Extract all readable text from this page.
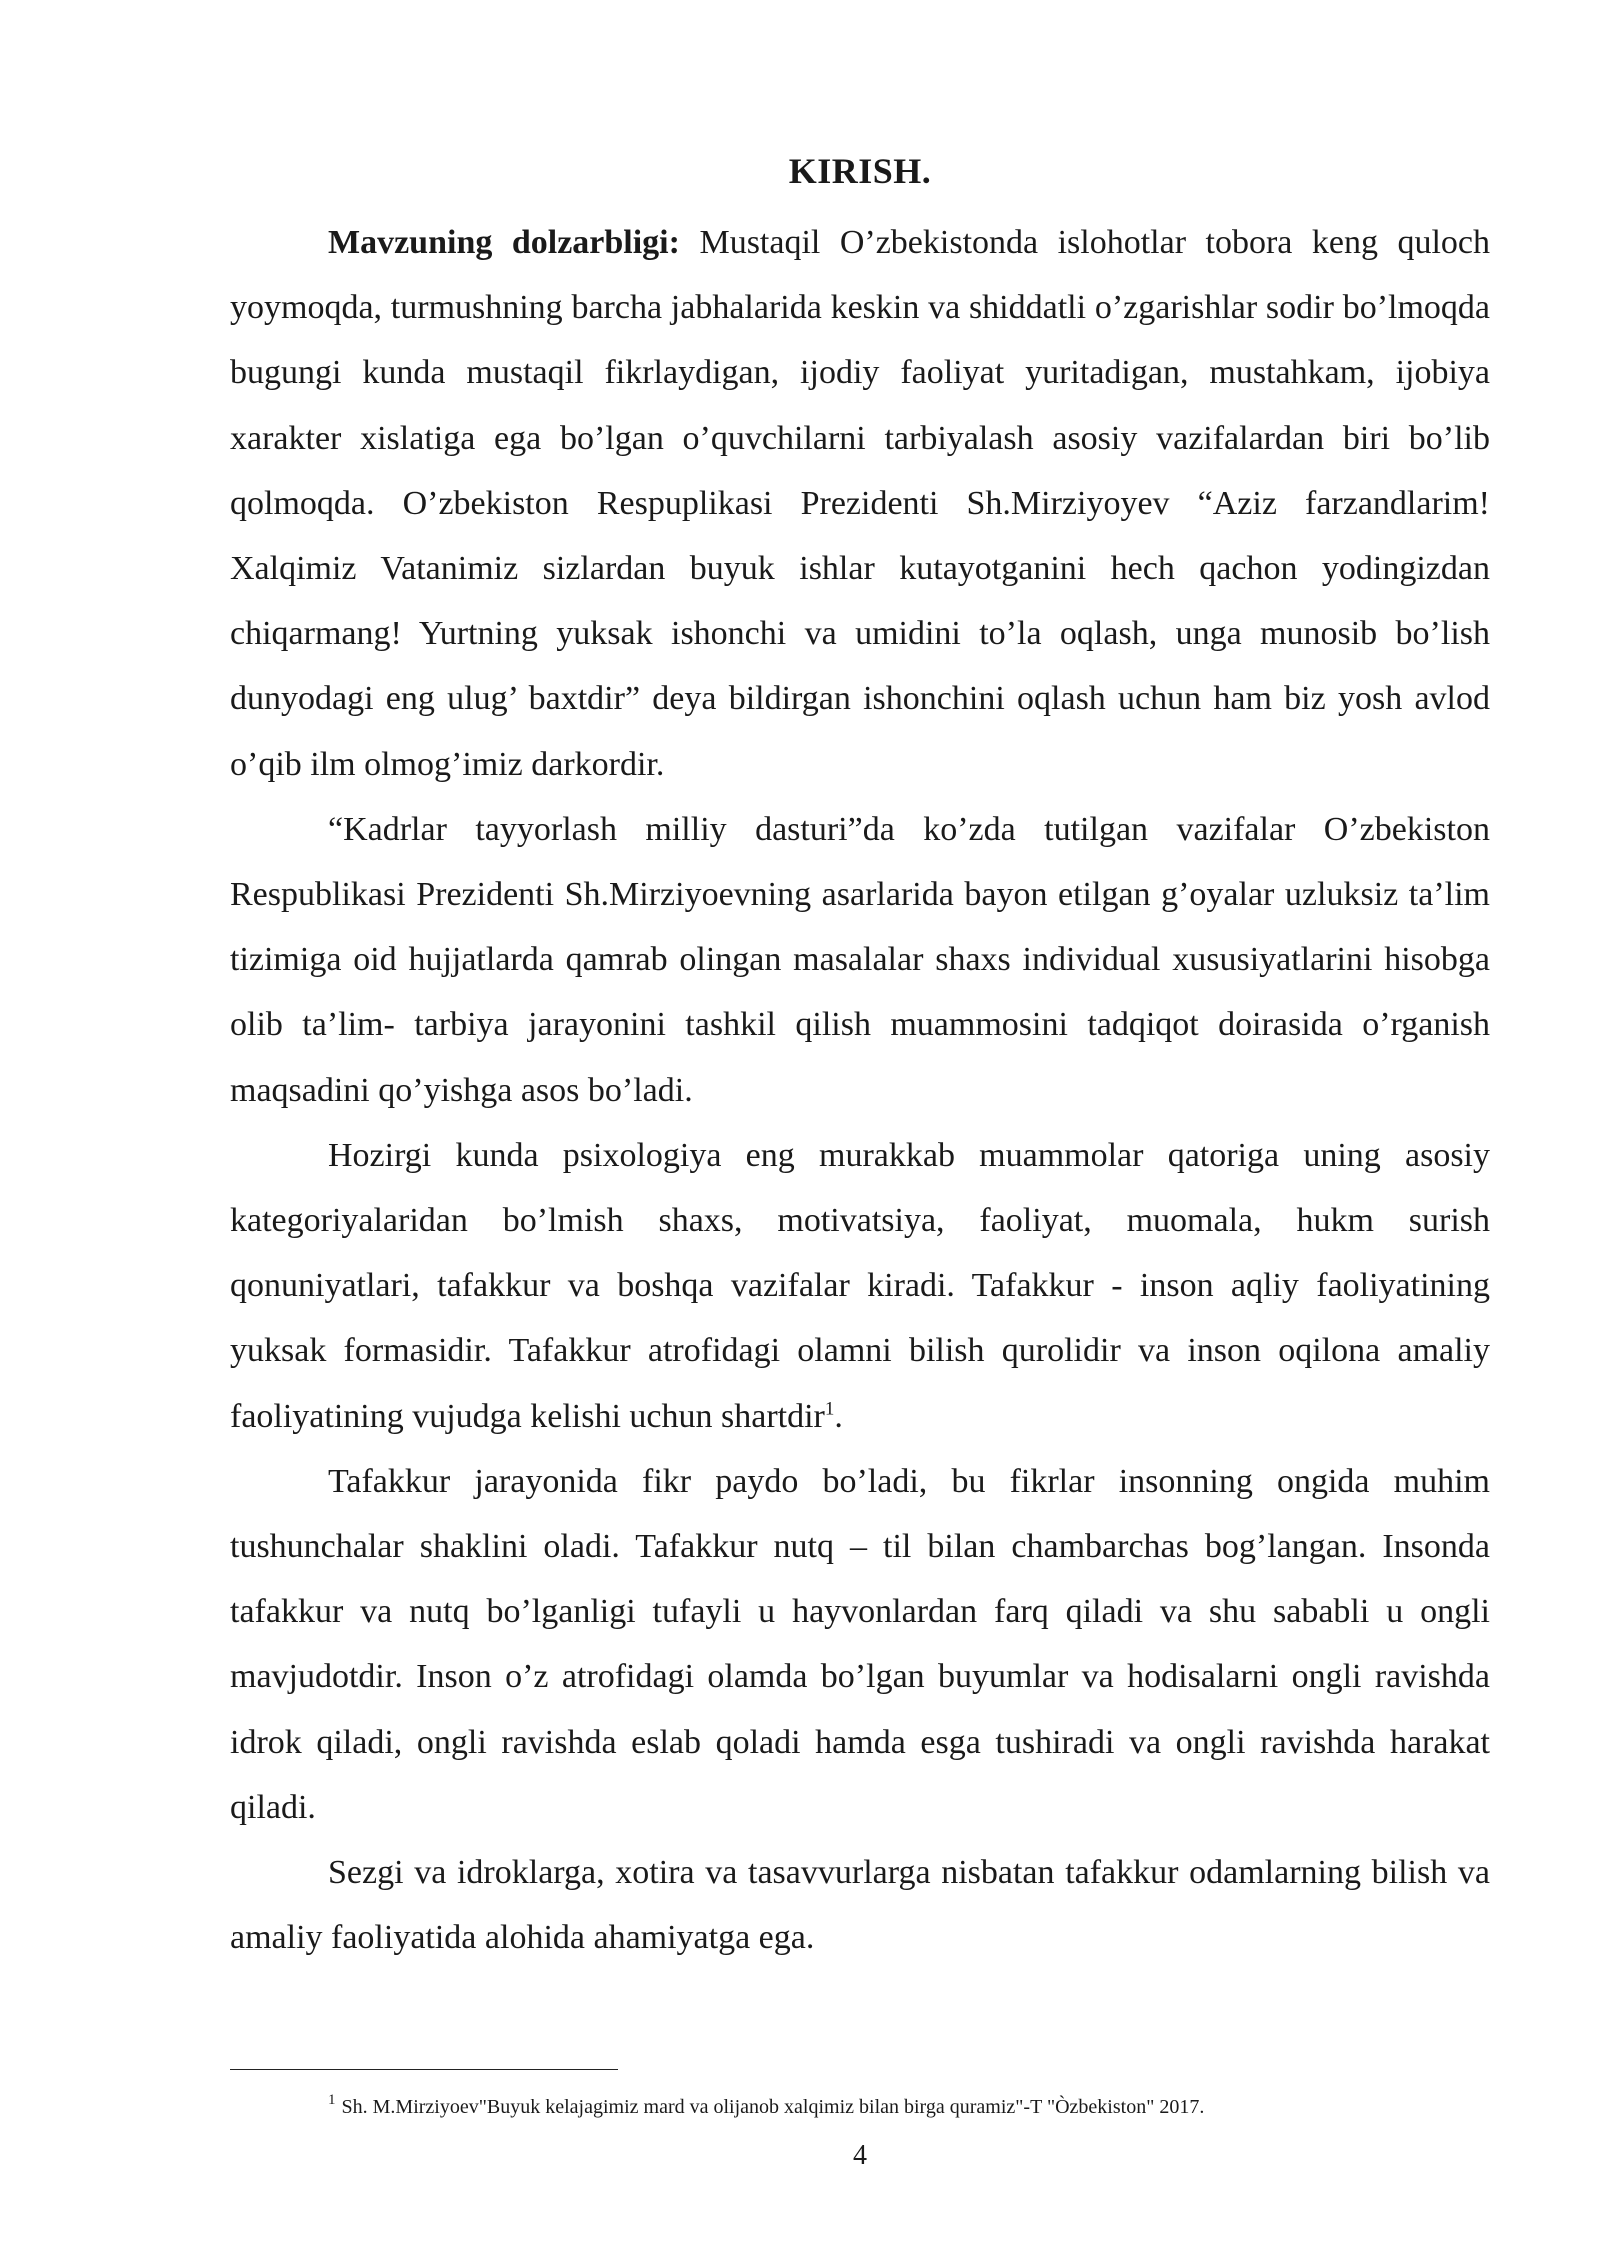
KIRISH.

Mavzuning dolzarbligi: Mustaqil O’zbekistonda islohotlar tobora keng quloch yoymoqda, turmushning barcha jabhalarida keskin va shiddatli o’zgarishlar sodir bo’lmoqda bugungi kunda mustaqil fikrlaydigan, ijodiy faoliyat yuritadigan, mustahkam, ijobiya xarakter xislatiga ega bo’lgan o’quvchilarni tarbiyalash asosiy vazifalardan biri bo’lib qolmoqda. O’zbekiston Respuplikasi Prezidenti Sh.Mirziyoyev “Aziz farzandlarim! Xalqimiz Vatanimiz sizlardan buyuk ishlar kutayotganini hech qachon yodingizdan chiqarmang! Yurtning yuksak ishonchi va umidini to’la oqlash, unga munosib bo’lish dunyodagi eng ulug’ baxtdir” deya bildirgan ishonchini oqlash uchun ham biz yosh avlod o’qib ilm olmog’imiz darkordir.

“Kadrlar tayyorlash milliy dasturi”da ko’zda tutilgan vazifalar O’zbekiston Respublikasi Prezidenti Sh.Mirziyoevning asarlarida bayon etilgan g’oyalar uzluksiz ta’lim tizimiga oid hujjatlarda qamrab olingan masalalar shaxs individual xususiyatlarini hisobga olib ta’lim- tarbiya jarayonini tashkil qilish muammosini tadqiqot doirasida o’rganish maqsadini qo’yishga asos bo’ladi.

Hozirgi kunda psixologiya eng murakkab muammolar qatoriga uning asosiy kategoriyalaridan bo’lmish shaxs, motivatsiya, faoliyat, muomala, hukm surish qonuniyatlari, tafakkur va boshqa vazifalar kiradi. Tafakkur - inson aqliy faoliyatining yuksak formasidir. Tafakkur atrofidagi olamni bilish qurolidir va inson oqilona amaliy faoliyatining vujudga kelishi uchun shartdir$^1$.

Tafakkur jarayonida fikr paydo bo’ladi, bu fikrlar insonning ongida muhim tushunchalar shaklini oladi. Tafakkur nutq – til bilan chambarchas bog’langan. Insonda tafakkur va nutq bo’lganligi tufayli u hayvonlardan farq qiladi va shu sababli u ongli mavjudotdir. Inson o’z atrofidagi olamda bo’lgan buyumlar va hodisalarni ongli ravishda idrok qiladi, ongli ravishda eslab qoladi hamda esga tushiradi va ongli ravishda harakat qiladi.

Sezgi va idroklarga, xotira va tasavvurlarga nisbatan tafakkur odamlarning bilish va amaliy faoliyatida alohida ahamiyatga ega.

$^1$ Sh. M.Mirziyoev"Buyuk kelajagimiz mard va olijanob xalqimiz bilan birga quramiz"-T "Òzbekiston" 2017.
4
